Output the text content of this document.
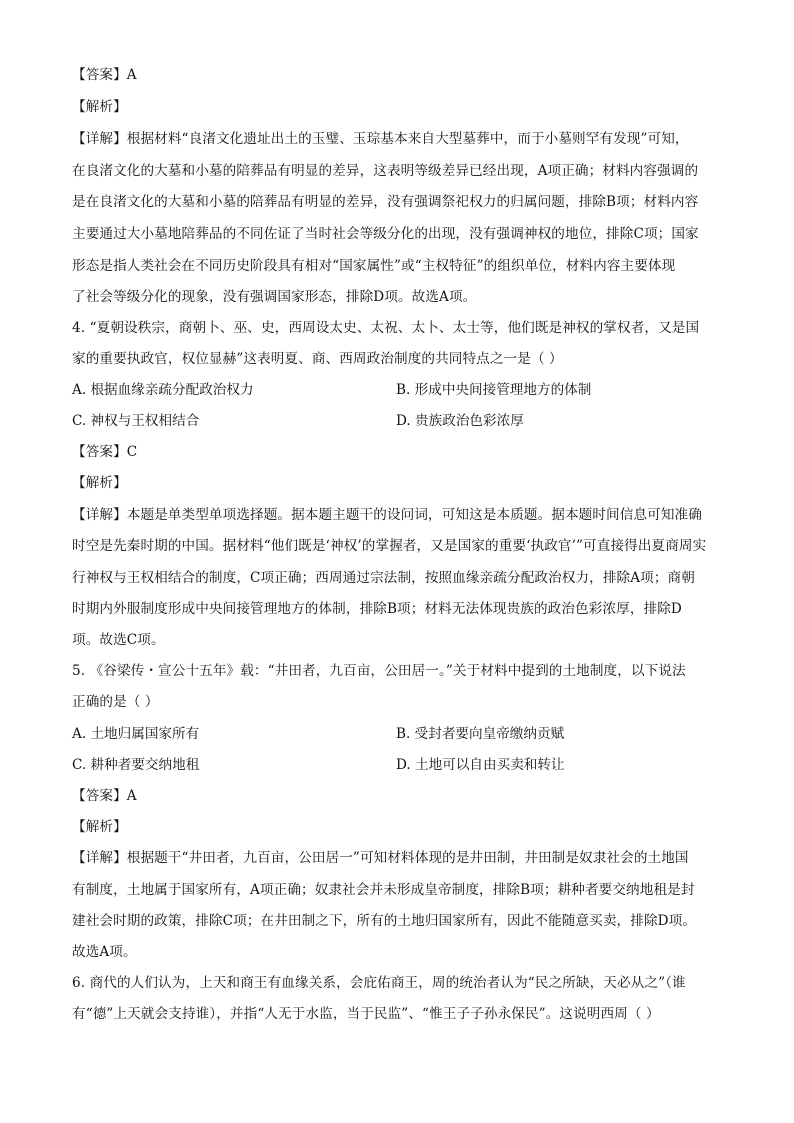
【答案】A
【解析】
【详解】根据材料“良渚文化遗址出土的玉璧、玉琮基本来自大型墓葬中，而于小墓则罕有发现”可知，
在良渚文化的大墓和小墓的陪葬品有明显的差异，这表明等级差异已经出现，A项正确；材料内容强调的
是在良渚文化的大墓和小墓的陪葬品有明显的差异，没有强调祭祀权力的归属问题，排除B项；材料内容
主要通过大小墓地陪葬品的不同佐证了当时社会等级分化的出现，没有强调神权的地位，排除C项；国家
形态是指人类社会在不同历史阶段具有相对“国家属性”或“主权特征”的组织单位，材料内容主要体现
了社会等级分化的现象，没有强调国家形态，排除D项。故选A项。
4. “夏朝设秩宗，商朝卜、巫、史，西周设太史、太祝、太卜、太士等，他们既是神权的掌权者，又是国
家的重要执政官，权位显赫”这表明夏、商、西周政治制度的共同特点之一是（ ）
A. 根据血缘亲疏分配政治权力	B. 形成中央间接管理地方的体制
C. 神权与王权相结合	D. 贵族政治色彩浓厚
【答案】C
【解析】
【详解】本题是单类型单项选择题。据本题主题干的设问词，可知这是本质题。据本题时间信息可知准确
时空是先秦时期的中国。据材料“他们既是‘神权’的掌握者，又是国家的重要‘执政官’”可直接得出夏商周实
行神权与王权相结合的制度，C项正确；西周通过宗法制，按照血缘亲疏分配政治权力，排除A项；商朝
时期内外服制度形成中央间接管理地方的体制，排除B项；材料无法体现贵族的政治色彩浓厚，排除D
项。故选C项。
5. 《谷梁传・宣公十五年》载：“井田者，九百亩，公田居一。”关于材料中提到的土地制度，以下说法
正确的是（ ）
A. 土地归属国家所有	B. 受封者要向皇帝缴纳贡赋
C. 耕种者要交纳地租	D. 土地可以自由买卖和转让
【答案】A
【解析】
【详解】根据题干“井田者，九百亩，公田居一”可知材料体现的是井田制，井田制是奴隶社会的土地国
有制度，土地属于国家所有，A项正确；奴隶社会并未形成皇帝制度，排除B项；耕种者要交纳地租是封
建社会时期的政策，排除C项；在井田制之下，所有的土地归国家所有，因此不能随意买卖，排除D项。
故选A项。
6. 商代的人们认为，上天和商王有血缘关系，会庇佑商王，周的统治者认为“民之所缺，天必从之”（谁
有“德”上天就会支持谁），并指“人无于水监，当于民监”、“惟王子子孙永保民”。这说明西周（ ）
